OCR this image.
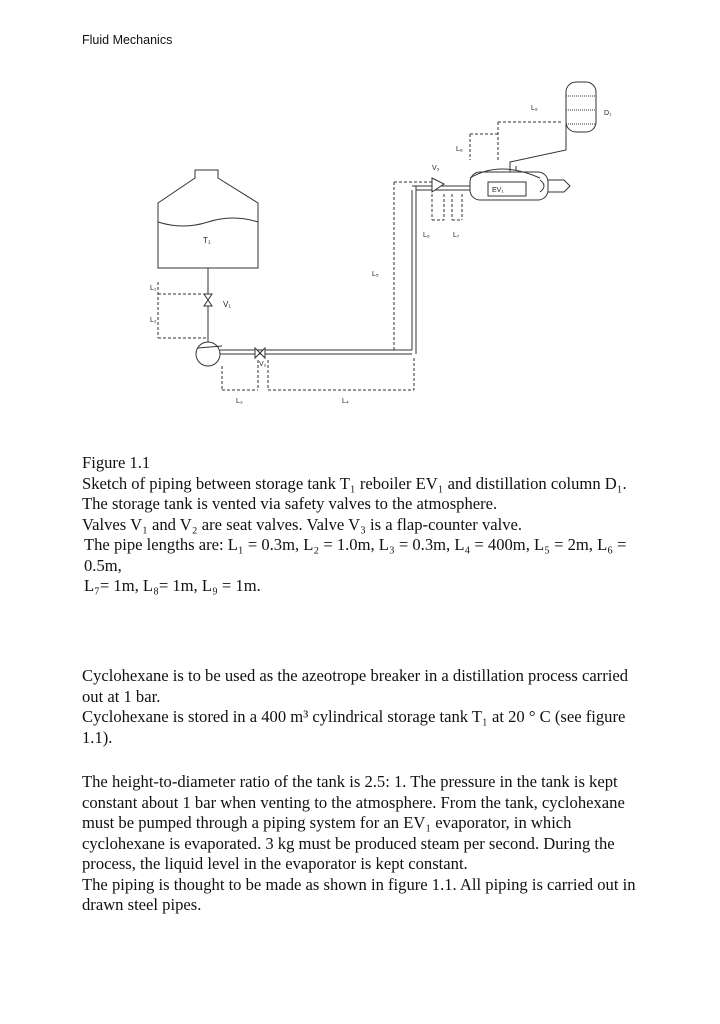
Fluid Mechanics
T₁
V₁
V₂
V₃
EV₁
D₁
L₁
L₂
L₃	L₄
L₅
L₆	L₇
L₈
L₉

Figure 1.1

Sketch of piping between storage tank T₁ reboiler EV₁ and distillation column D₁.

The storage tank is vented via safety valves to the atmosphere.

Valves V₁ and V₂ are seat valves. Valve V₃ is a flap-counter valve.

The pipe lengths are: L₁ = 0.3m, L₂ = 1.0m, L₃ = 0.3m, L₄ = 400m, L₅ = 2m, L₆ = 0.5m,

L₇= 1m, L₈= 1m, L₉ = 1m.

Cyclohexane is to be used as the azeotrope breaker in a distillation process carried out at 1 bar.

Cyclohexane is stored in a 400 m³ cylindrical storage tank T₁ at 20 ° C (see figure 1.1).

The height-to-diameter ratio of the tank is 2.5: 1. The pressure in the tank is kept constant about 1 bar when venting to the atmosphere. From the tank, cyclohexane must be pumped through a piping system for an EV₁ evaporator, in which cyclohexane is evaporated. 3 kg must be produced steam per second. During the process, the liquid level in the evaporator is kept constant.

The piping is thought to be made as shown in figure 1.1. All piping is carried out in drawn steel pipes.
